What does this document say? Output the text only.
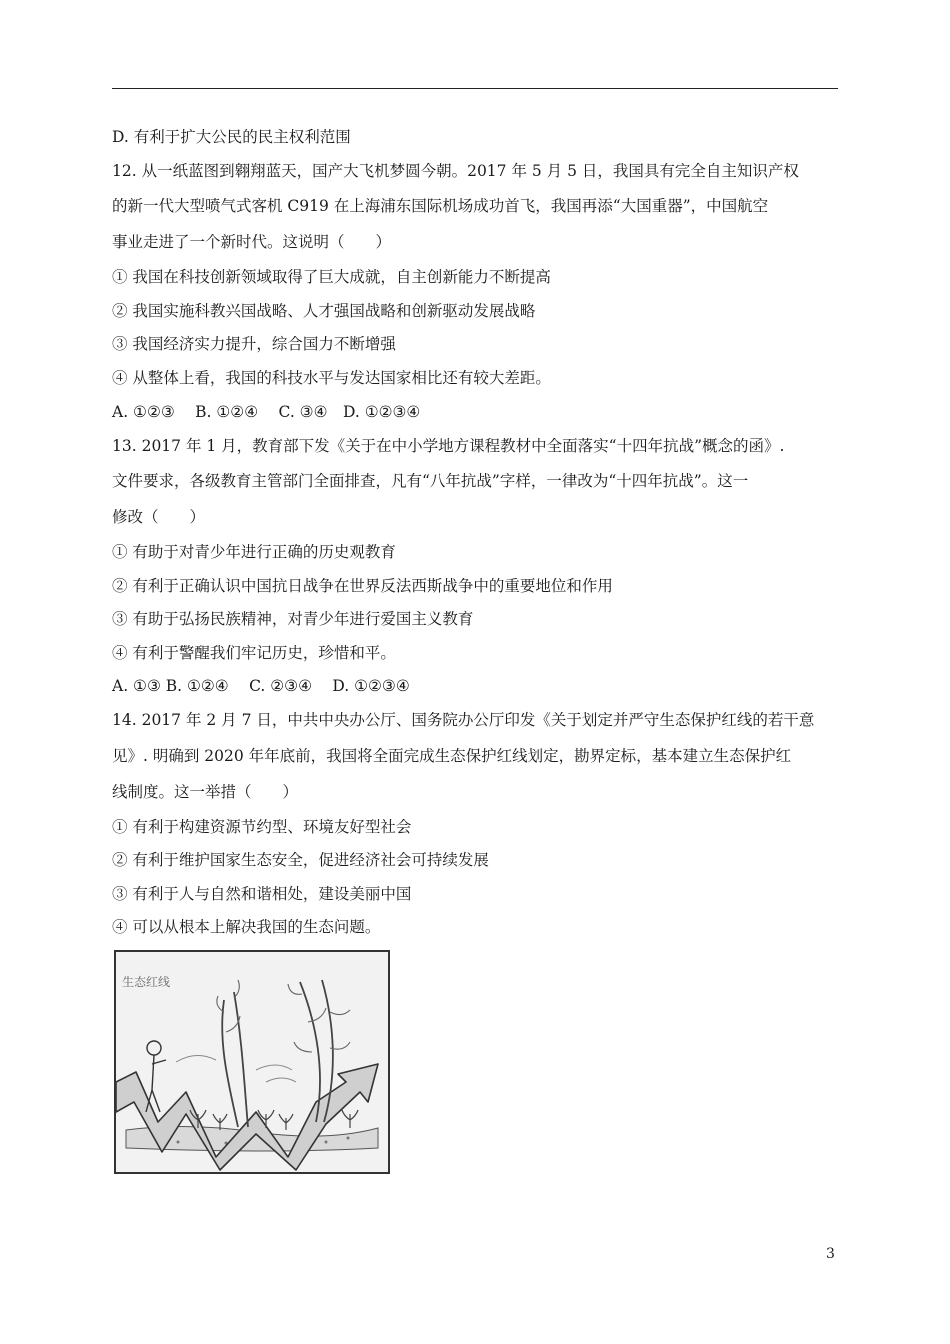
D. 有利于扩大公民的民主权利范围
12. 从一纸蓝图到翱翔蓝天，国产大飞机梦圆今朝。2017 年 5 月 5 日，我国具有完全自主知识产权
的新一代大型喷气式客机 C919 在上海浦东国际机场成功首飞，我国再添“大国重器”，中国航空
事业走进了一个新时代。这说明（　　）
① 我国在科技创新领域取得了巨大成就，自主创新能力不断提高
② 我国实施科教兴国战略、人才强国战略和创新驱动发展战略
③ 我国经济实力提升，综合国力不断增强
④ 从整体上看，我国的科技水平与发达国家相比还有较大差距。
A. ①②③　 B. ①②④　 C. ③④　D. ①②③④
13. 2017 年 1 月，教育部下发《关于在中小学地方课程教材中全面落实“十四年抗战”概念的函》.
文件要求，各级教育主管部门全面排查，凡有“八年抗战”字样，一律改为“十四年抗战”。这一
修改（　　）
① 有助于对青少年进行正确的历史观教育
② 有利于正确认识中国抗日战争在世界反法西斯战争中的重要地位和作用
③ 有助于弘扬民族精神，对青少年进行爱国主义教育
④ 有利于警醒我们牢记历史，珍惜和平。
A. ①③ B. ①②④　 C. ②③④　 D. ①②③④
14. 2017 年 2 月 7 日，中共中央办公厅、国务院办公厅印发《关于划定并严守生态保护红线的若干意
见》. 明确到 2020 年年底前，我国将全面完成生态保护红线划定，勘界定标，基本建立生态保护红
线制度。这一举措（　　）
① 有利于构建资源节约型、环境友好型社会
② 有利于维护国家生态安全，促进经济社会可持续发展
③ 有利于人与自然和谐相处，建设美丽中国
④ 可以从根本上解决我国的生态问题。
生态红线
3
